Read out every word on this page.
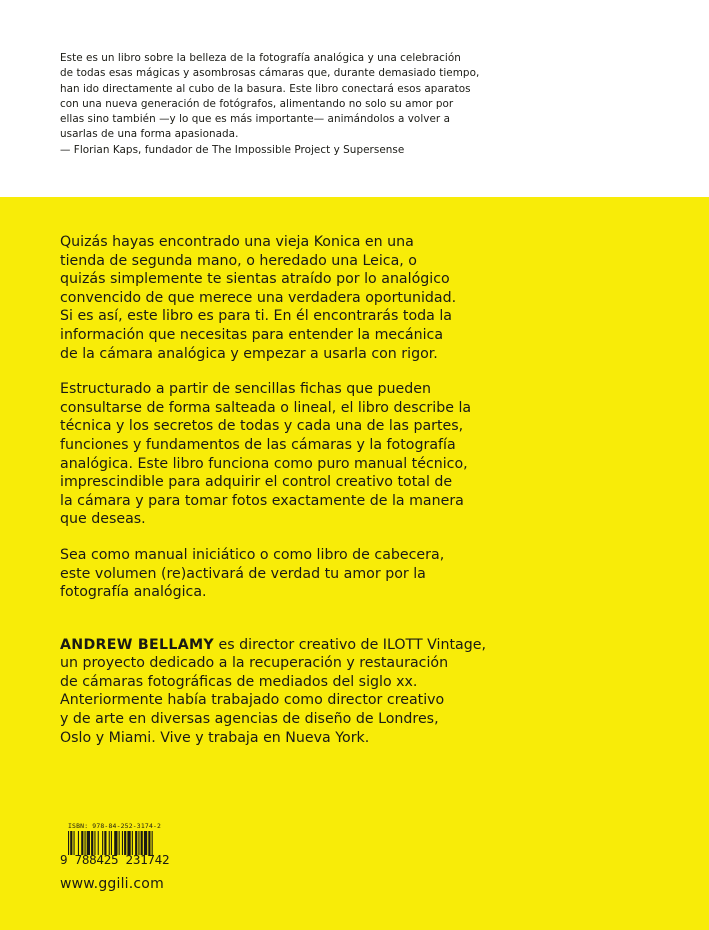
Este es un libro sobre la belleza de la fotografía analógica y una celebración
de todas esas mágicas y asombrosas cámaras que, durante demasiado tiempo,
han ido directamente al cubo de la basura. Este libro conectará esos aparatos
con una nueva generación de fotógrafos, alimentando no solo su amor por
ellas sino también —y lo que es más importante— animándolos a volver a
usarlas de una forma apasionada.
— Florian Kaps, fundador de The Impossible Project y Supersense

Quizás hayas encontrado una vieja Konica en una
tienda de segunda mano, o heredado una Leica, o
quizás simplemente te sientas atraído por lo analógico
convencido de que merece una verdadera oportunidad.
Si es así, este libro es para ti. En él encontrarás toda la
información que necesitas para entender la mecánica
de la cámara analógica y empezar a usarla con rigor.

Estructurado a partir de sencillas fichas que pueden
consultarse de forma salteada o lineal, el libro describe la
técnica y los secretos de todas y cada una de las partes,
funciones y fundamentos de las cámaras y la fotografía
analógica. Este libro funciona como puro manual técnico,
imprescindible para adquirir el control creativo total de
la cámara y para tomar fotos exactamente de la manera
que deseas.

Sea como manual iniciático o como libro de cabecera,
este volumen (re)activará de verdad tu amor por la
fotografía analógica.

ANDREW BELLAMY es director creativo de ILOTT Vintage,
un proyecto dedicado a la recuperación y restauración
de cámaras fotográficas de mediados del siglo xx.
Anteriormente había trabajado como director creativo
y de arte en diversas agencias de diseño de Londres,
Oslo y Miami. Vive y trabaja en Nueva York.

ISBN: 978-84-252-3174-2
9 788425 231742
www.ggili.com
